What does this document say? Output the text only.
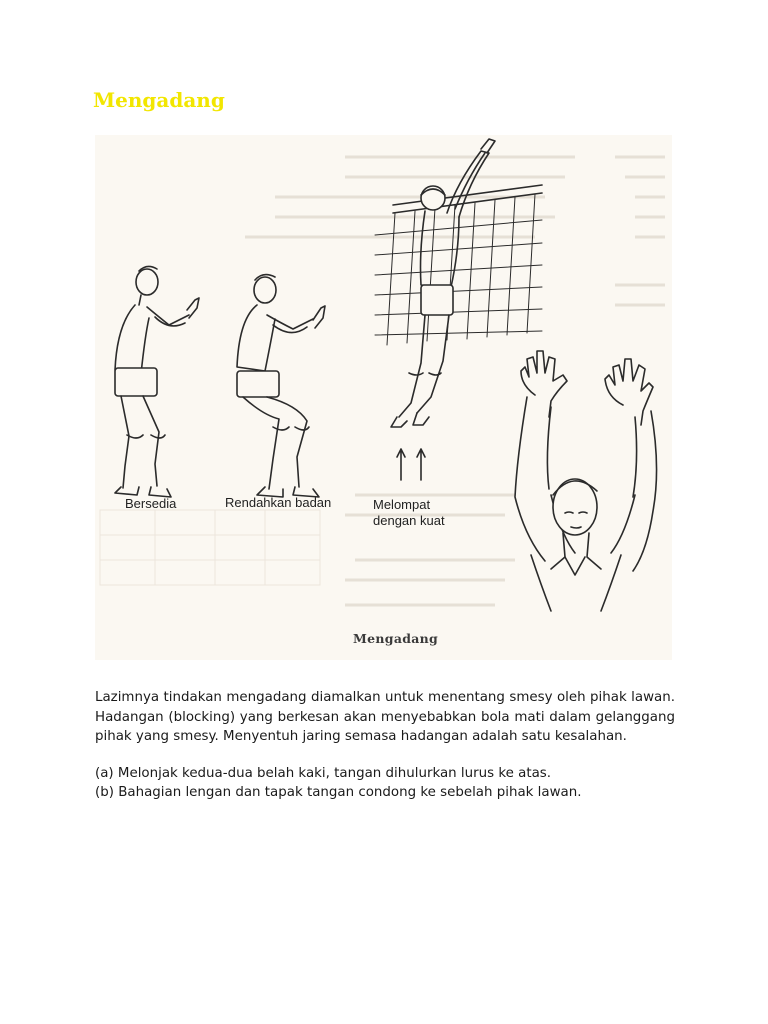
Mengadang
Bersedia	Rendahkan badan	Melompat
dengan kuat
Mengadang

Lazimnya tindakan mengadang diamalkan untuk menentang smesy oleh pihak lawan. Hadangan (blocking) yang berkesan akan menyebabkan bola mati dalam gelanggang pihak yang smesy. Menyentuh jaring semasa hadangan adalah satu kesalahan.

(a) Melonjak kedua-dua belah kaki, tangan dihulurkan lurus ke atas.
(b) Bahagian lengan dan tapak tangan condong ke sebelah pihak lawan.
